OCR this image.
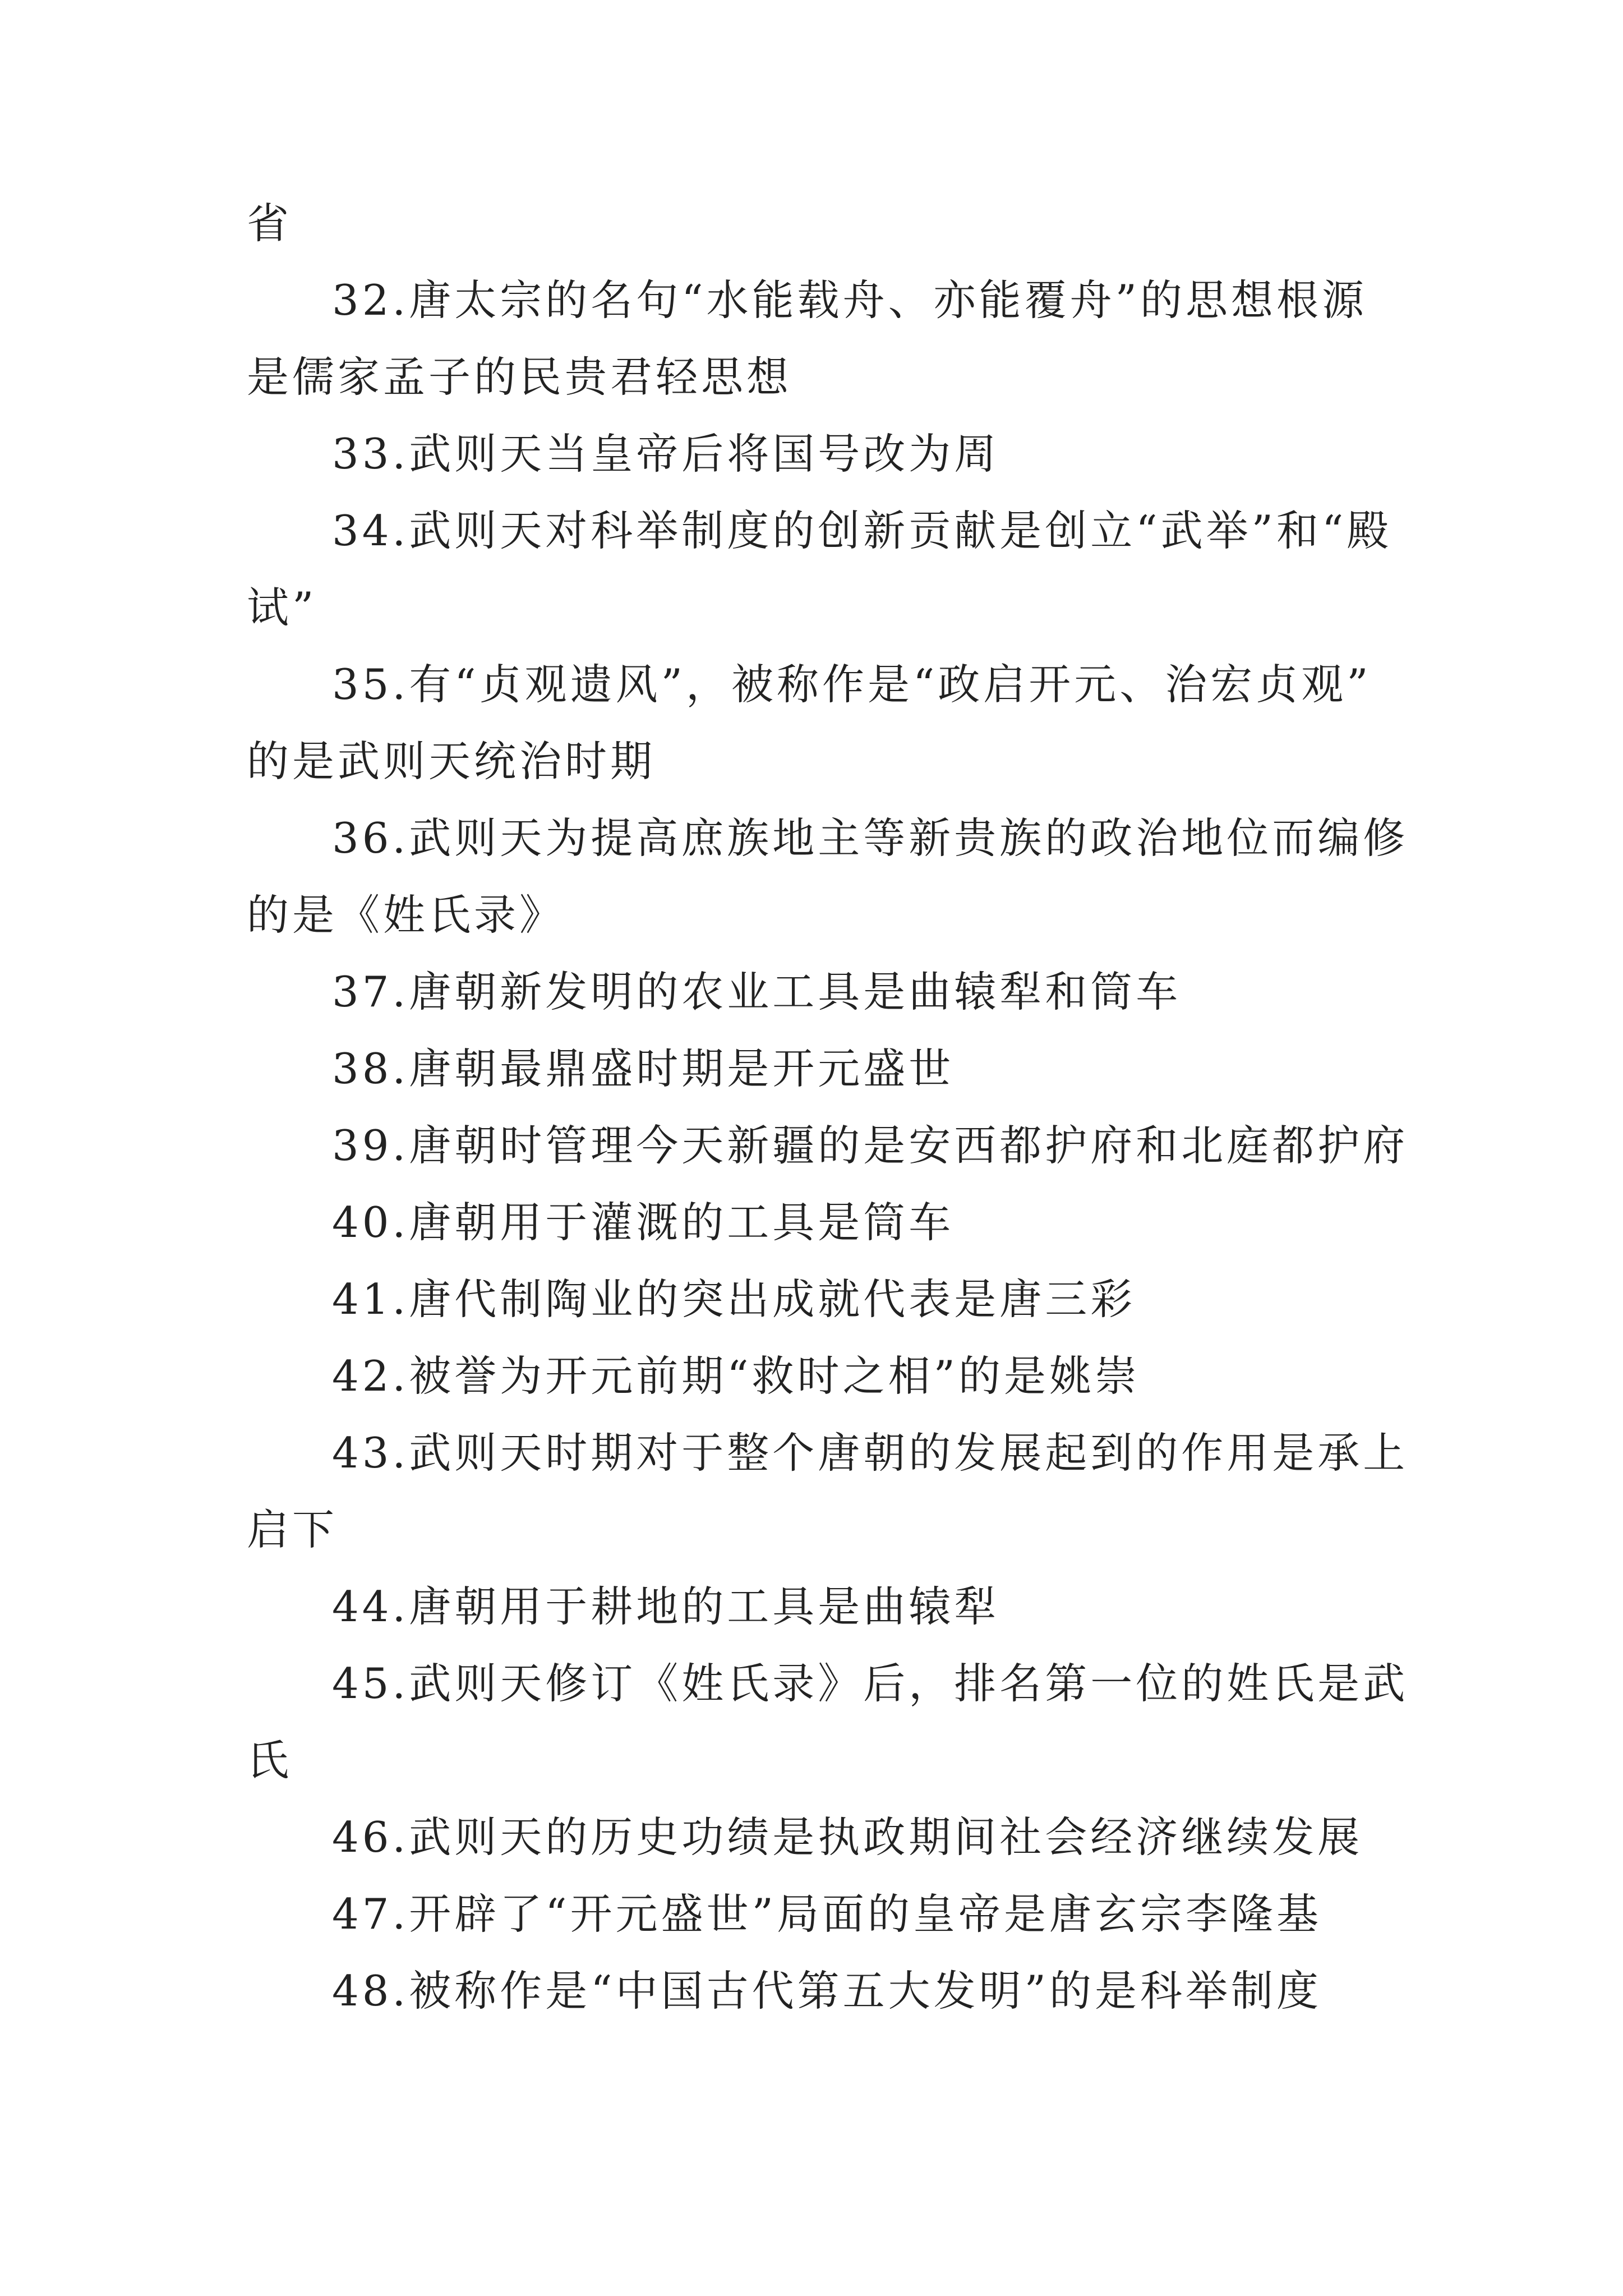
省
32.唐太宗的名句“水能载舟、亦能覆舟”的思想根源
是儒家孟子的民贵君轻思想
33.武则天当皇帝后将国号改为周
34.武则天对科举制度的创新贡献是创立“武举”和“殿
试”
35.有“贞观遗风”，被称作是“政启开元、治宏贞观”
的是武则天统治时期
36.武则天为提高庶族地主等新贵族的政治地位而编修
的是《姓氏录》
37.唐朝新发明的农业工具是曲辕犁和筒车
38.唐朝最鼎盛时期是开元盛世
39.唐朝时管理今天新疆的是安西都护府和北庭都护府
40.唐朝用于灌溉的工具是筒车
41.唐代制陶业的突出成就代表是唐三彩
42.被誉为开元前期“救时之相”的是姚崇
43.武则天时期对于整个唐朝的发展起到的作用是承上
启下
44.唐朝用于耕地的工具是曲辕犁
45.武则天修订《姓氏录》后，排名第一位的姓氏是武
氏
46.武则天的历史功绩是执政期间社会经济继续发展
47.开辟了“开元盛世”局面的皇帝是唐玄宗李隆基
48.被称作是“中国古代第五大发明”的是科举制度
